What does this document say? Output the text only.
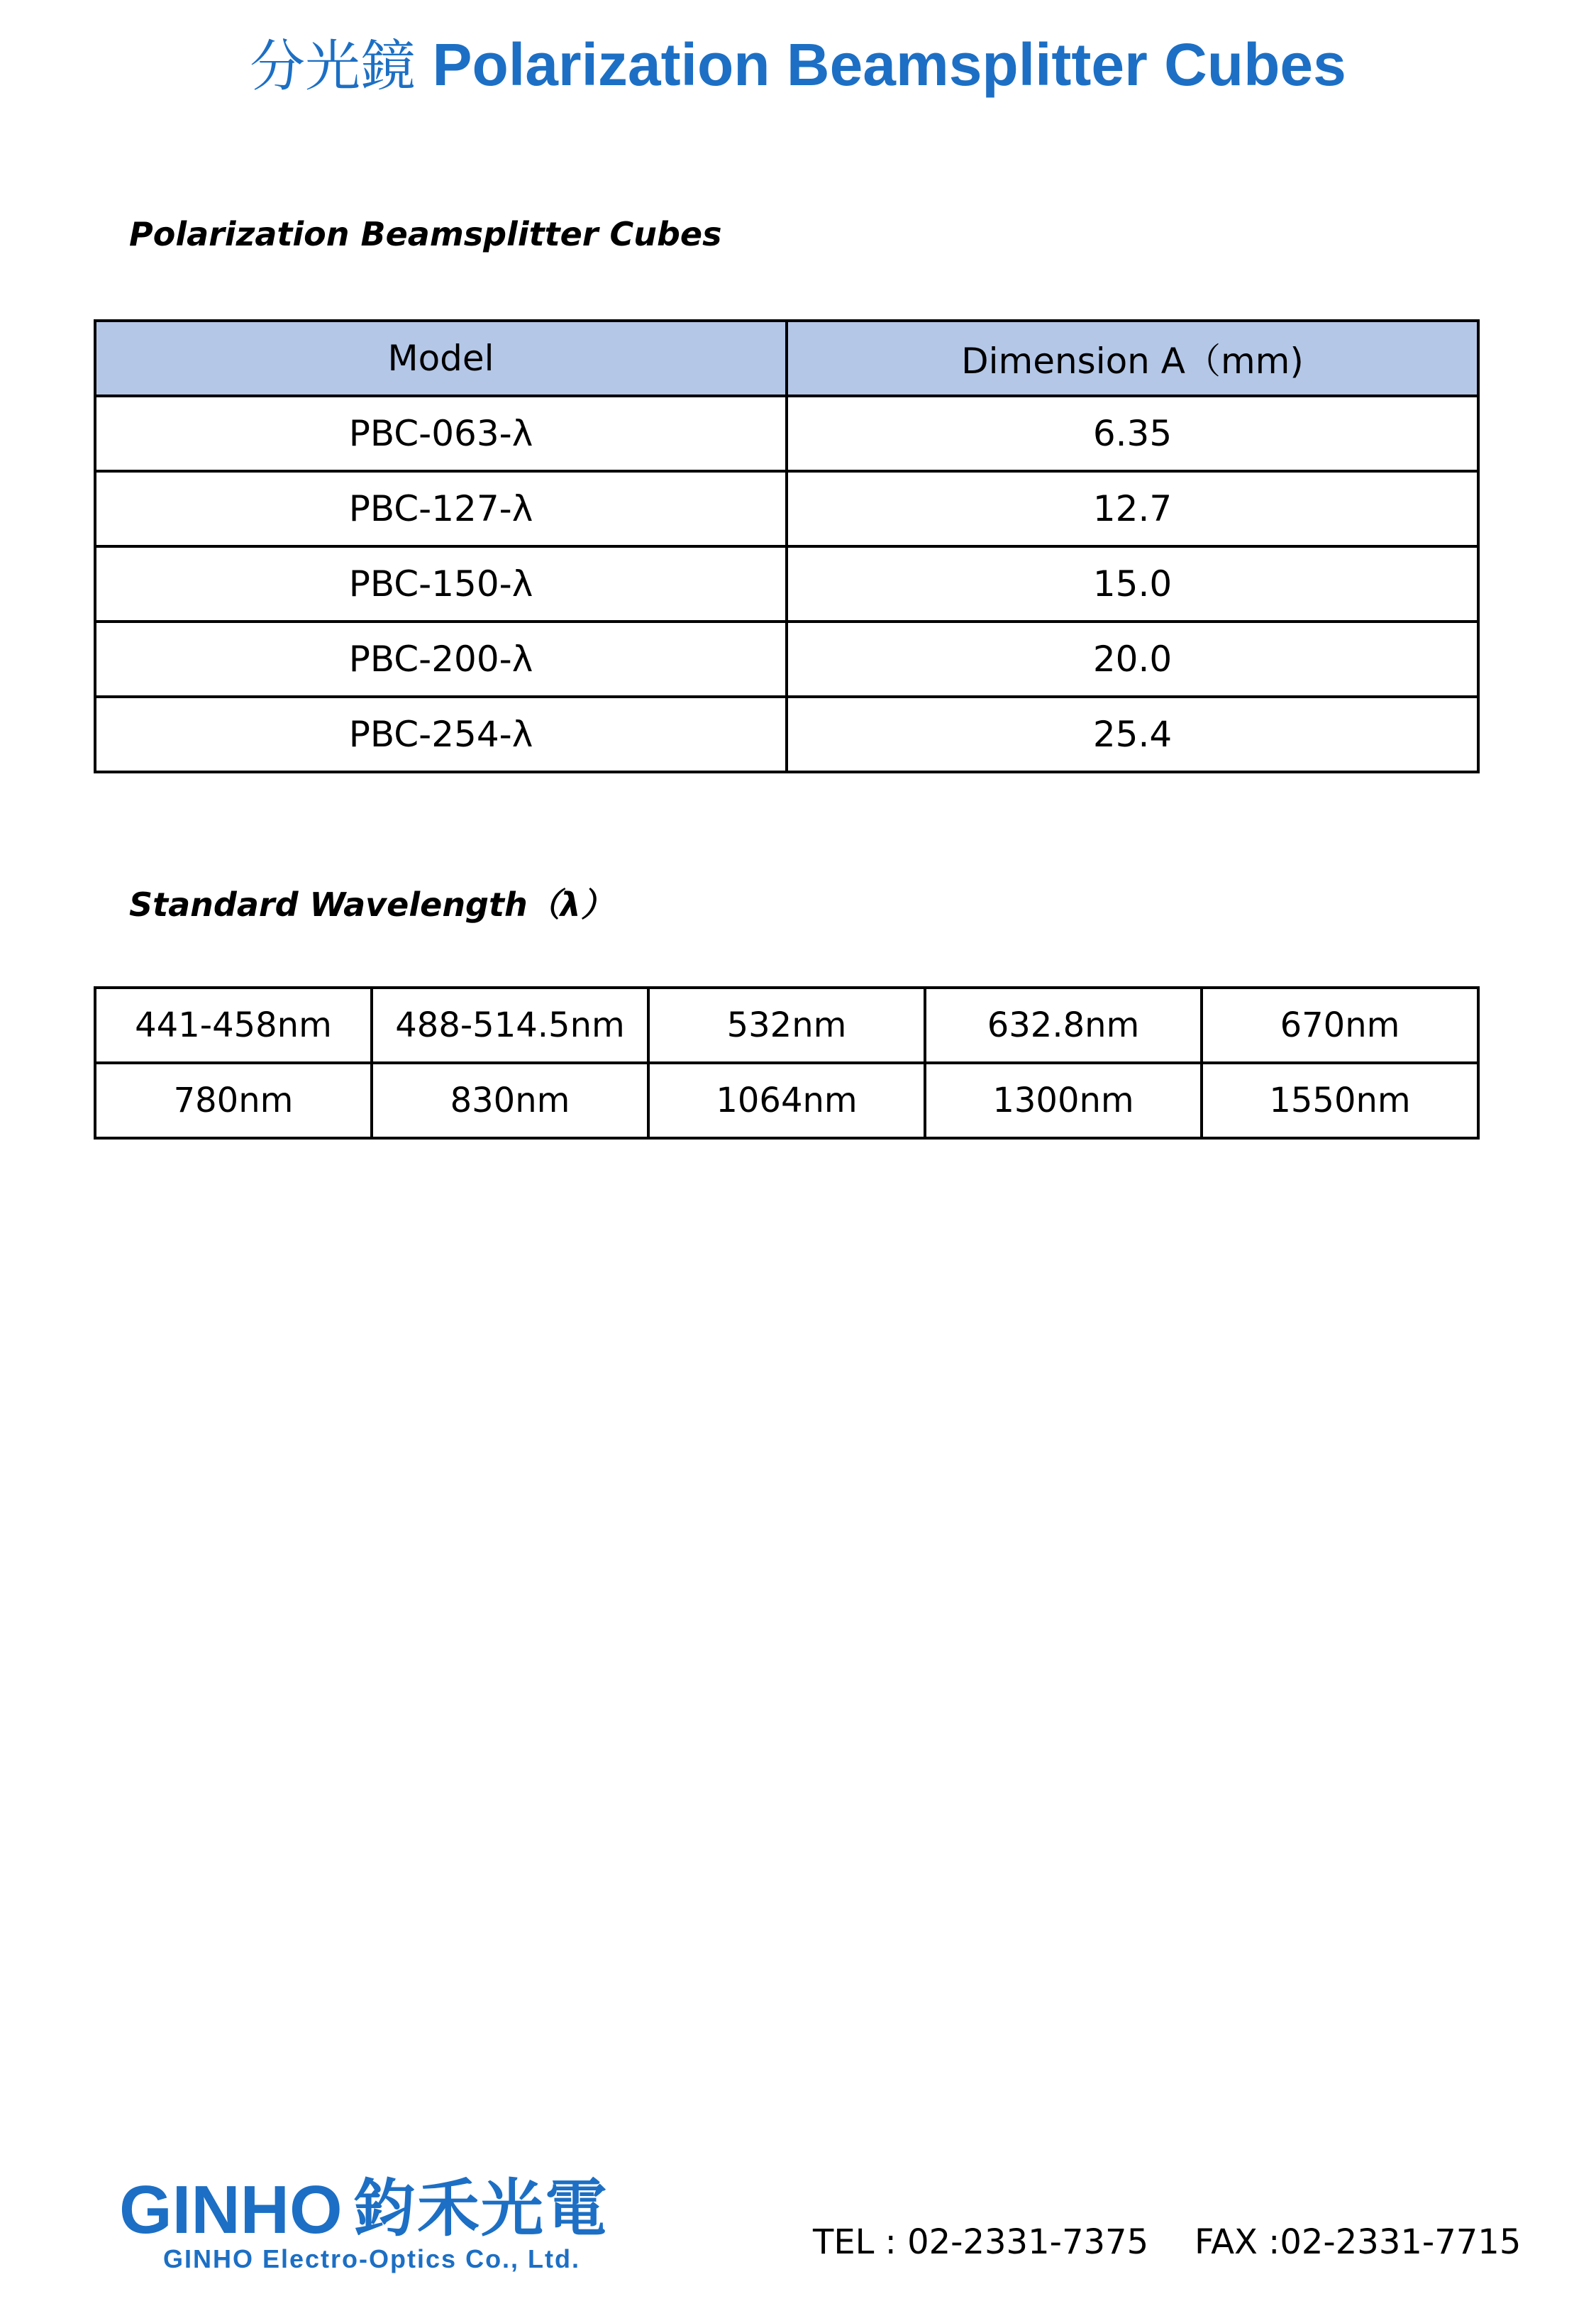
分光鏡 Polarization Beamsplitter Cubes
Polarization Beamsplitter Cubes
Model	Dimension A（mm)
PBC-063-λ	6.35
PBC-127-λ	12.7
PBC-150-λ	15.0
PBC-200-λ	20.0
PBC-254-λ	25.4
Standard Wavelength（λ）
441-458nm	488-514.5nm	532nm	632.8nm	670nm
780nm	830nm	1064nm	1300nm	1550nm
GINHO 鈞禾光電
GINHO Electro-Optics Co., Ltd.	TEL : 02-2331-7375 FAX :02-2331-7715
